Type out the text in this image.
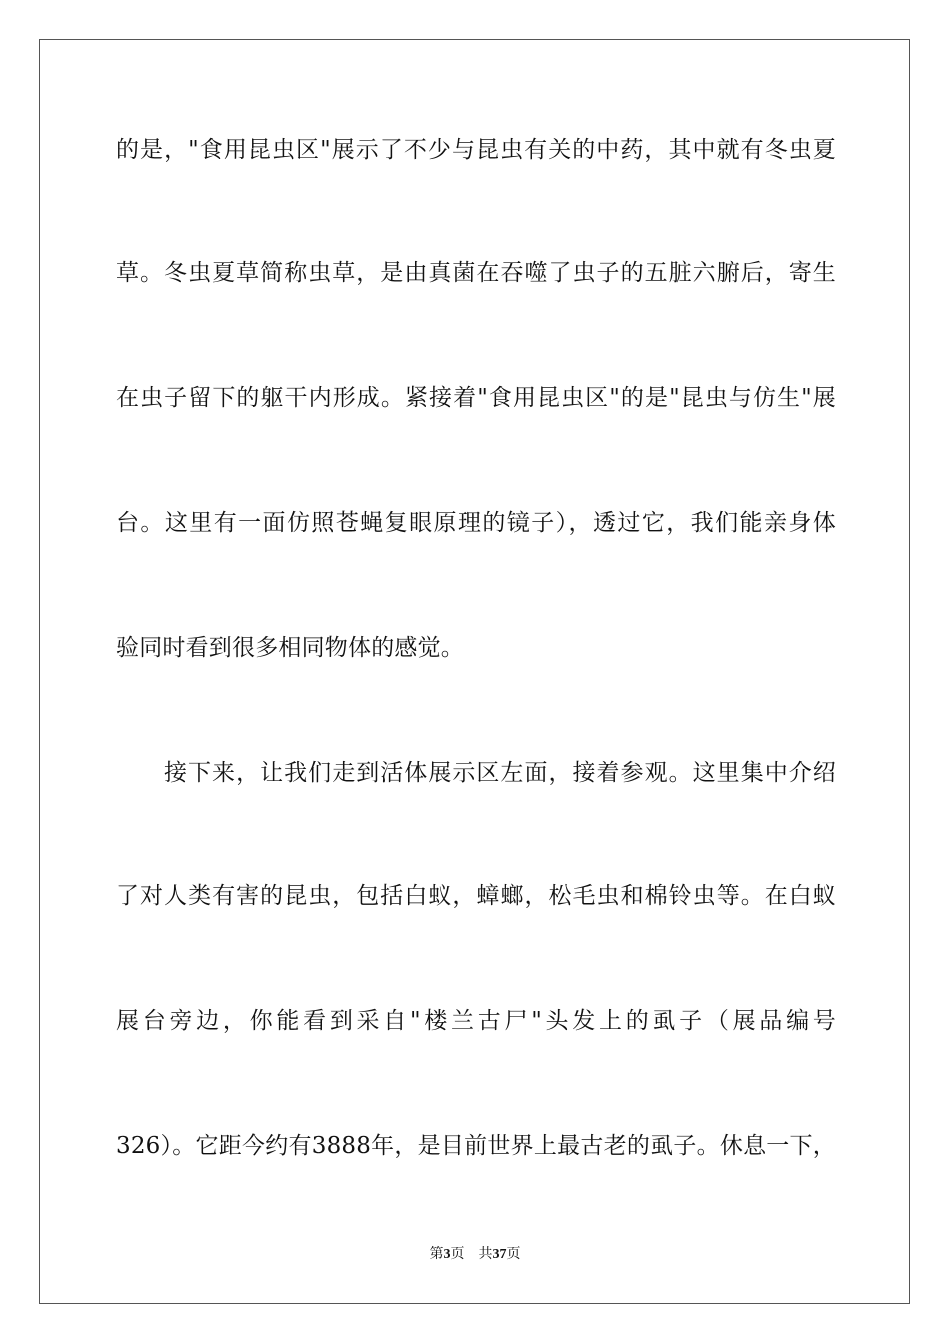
的是，"食用昆虫区"展示了不少与昆虫有关的中药，其中就有冬虫夏
草。冬虫夏草简称虫草，是由真菌在吞噬了虫子的五脏六腑后，寄生
在虫子留下的躯干内形成。紧接着"食用昆虫区"的是"昆虫与仿生"展
台。这里有一面仿照苍蝇复眼原理的镜子），透过它，我们能亲身体
验同时看到很多相同物体的感觉。
接下来，让我们走到活体展示区左面，接着参观。这里集中介绍
了对人类有害的昆虫，包括白蚁，蟑螂，松毛虫和棉铃虫等。在白蚁
展台旁边，你能看到采自"楼兰古尸"头发上的虱子（展品编号
326）。它距今约有3888年，是目前世界上最古老的虱子。休息一下，
第3页 共37页
